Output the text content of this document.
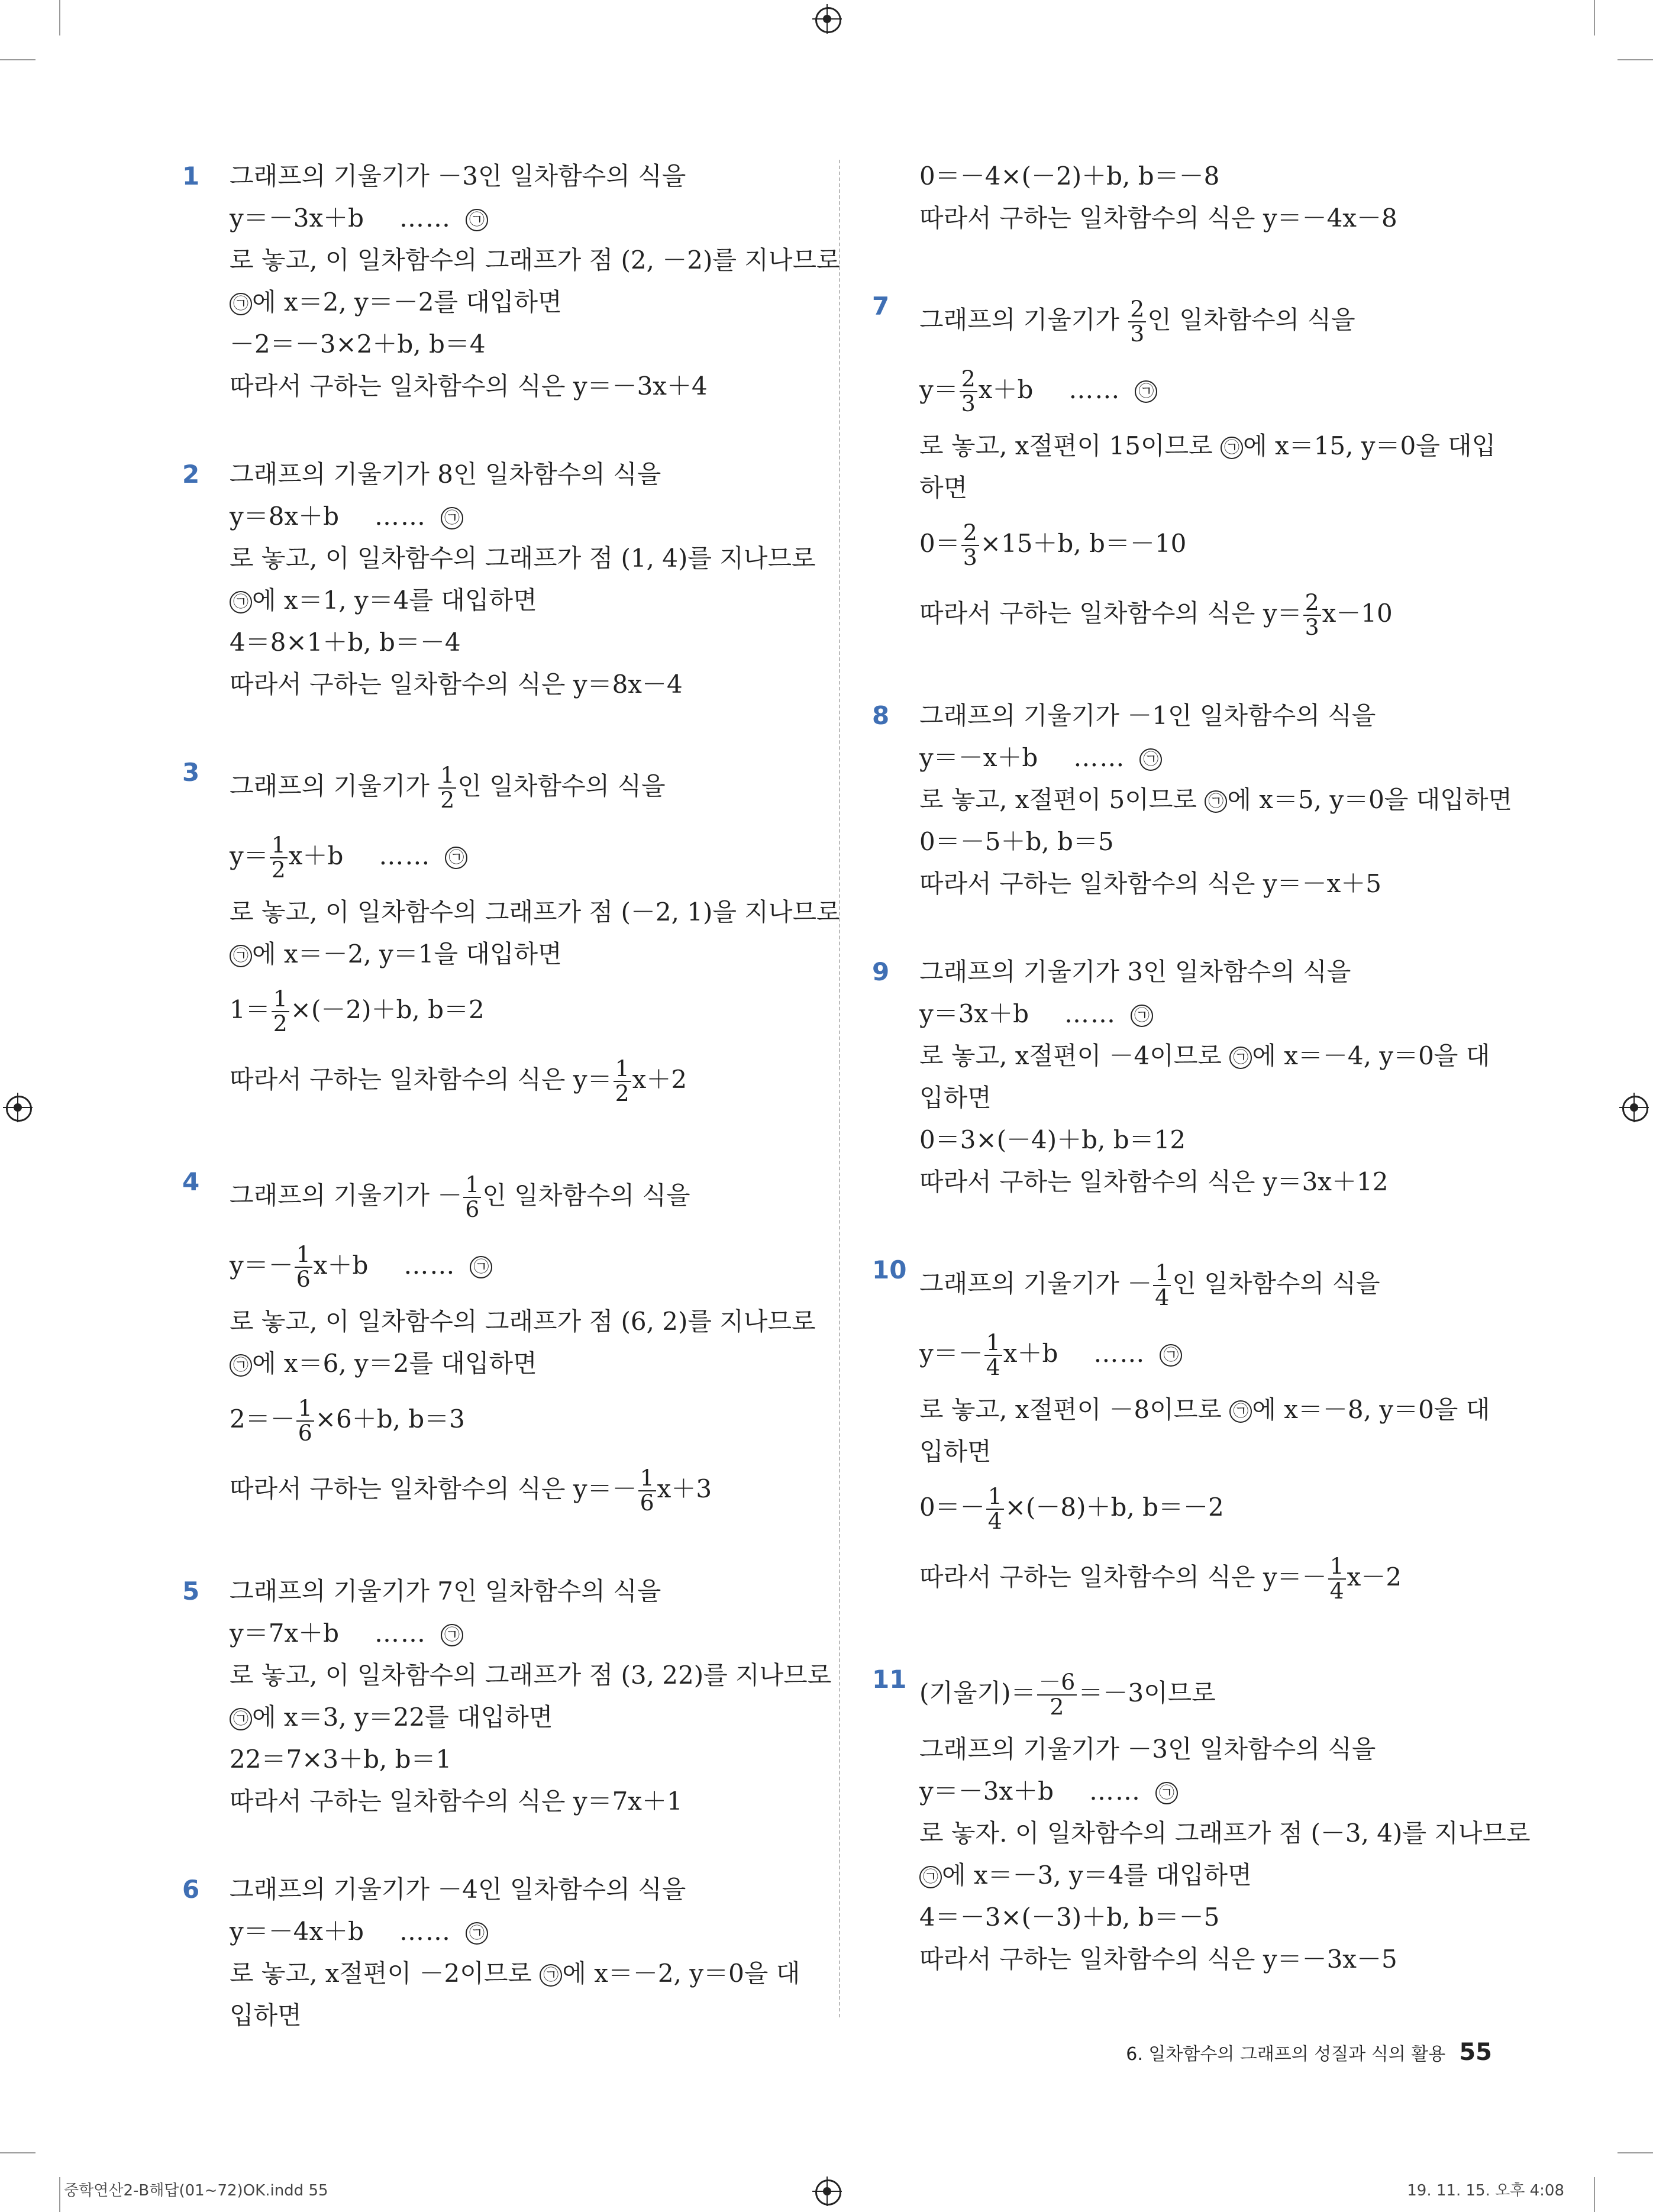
1 그래프의 기울기가 －3인 일차함수의 식을
y＝－3x＋b …… ㉠
로 놓고, 이 일차함수의 그래프가 점 (2, －2)를 지나므로
㉠ 에 x＝2, y＝－2를 대입하면
－2＝－3×2＋b, b＝4
따라서 구하는 일차함수의 식은 y＝－3x＋4
2 그래프의 기울기가 8인 일차함수의 식을
y＝8x＋b …… ㉠
로 놓고, 이 일차함수의 그래프가 점 (1, 4)를 지나므로
㉠ 에 x＝1, y＝4를 대입하면
4＝8×1＋b, b＝－4
따라서 구하는 일차함수의 식은 y＝8x－4
3 그래프의 기울기가 $\frac{1}{2}$ 인 일차함수의 식을
$y= \frac{1}{2} x+b$ …… ㉠
로 놓고, 이 일차함수의 그래프가 점 (－2, 1)을 지나므로
㉠ 에 x＝－2, y＝1을 대입하면
$1= \frac{1}{2} \times(-2)+b$, b＝2
따라서 구하는 일차함수의 식은 $y= \frac{1}{2} x+2$
4 그래프의 기울기가 － $\frac{1}{6}$ 인 일차함수의 식을
$y=- \frac{1}{6} x+b$ …… ㉠
로 놓고, 이 일차함수의 그래프가 점 (6, 2)를 지나므로
㉠ 에 x＝6, y＝2를 대입하면
$2=- \frac{1}{6} \times 6+b$, b＝3
따라서 구하는 일차함수의 식은 $y=- \frac{1}{6} x+3$
5 그래프의 기울기가 7인 일차함수의 식을
y＝7x＋b …… ㉠
로 놓고, 이 일차함수의 그래프가 점 (3, 22)를 지나므로
㉠ 에 x＝3, y＝22를 대입하면
22＝7×3＋b, b＝1
따라서 구하는 일차함수의 식은 y＝7x＋1
6 그래프의 기울기가 －4인 일차함수의 식을
y＝－4x＋b …… ㉠
로 놓고, x절편이 －2이므로 ㉠ 에 x＝－2, y＝0을 대
입하면
0＝－4×(－2)＋b, b＝－8
따라서 구하는 일차함수의 식은 y＝－4x－8
7 그래프의 기울기가 $\frac{2}{3}$ 인 일차함수의 식을
$y= \frac{2}{3} x+b$ …… ㉠
로 놓고, x절편이 15이므로 ㉠ 에 x＝15, y＝0을 대입
하면
$0= \frac{2}{3} \times 15+b$, b＝－10
따라서 구하는 일차함수의 식은 $y= \frac{2}{3} x-10$
8 그래프의 기울기가 －1인 일차함수의 식을
y＝－x＋b …… ㉠
로 놓고, x절편이 5이므로 ㉠ 에 x＝5, y＝0을 대입하면
0＝－5＋b, b＝5
따라서 구하는 일차함수의 식은 y＝－x＋5
9 그래프의 기울기가 3인 일차함수의 식을
y＝3x＋b …… ㉠
로 놓고, x절편이 －4이므로 ㉠ 에 x＝－4, y＝0을 대
입하면
0＝3×(－4)＋b, b＝12
따라서 구하는 일차함수의 식은 y＝3x＋12
10 그래프의 기울기가 － $\frac{1}{4}$ 인 일차함수의 식을
$y=- \frac{1}{4} x+b$ …… ㉠
로 놓고, x절편이 －8이므로 ㉠ 에 x＝－8, y＝0을 대
입하면
$0=- \frac{1}{4} \times(-8)+b$, b＝－2
따라서 구하는 일차함수의 식은 $y=- \frac{1}{4} x-2$
11 (기울기)＝ $\frac{-6}{2} =-3$이므로
그래프의 기울기가 －3인 일차함수의 식을
y＝－3x＋b …… ㉠
로 놓자. 이 일차함수의 그래프가 점 (－3, 4)를 지나므로
㉠ 에 x＝－3, y＝4를 대입하면
4＝－3×(－3)＋b, b＝－5
따라서 구하는 일차함수의 식은 y＝－3x－5
6. 일차함수의 그래프의 성질과 식의 활용 55
중학연산2-B해답(01~72)OK.indd 55	19. 11. 15. 오후 4:08
